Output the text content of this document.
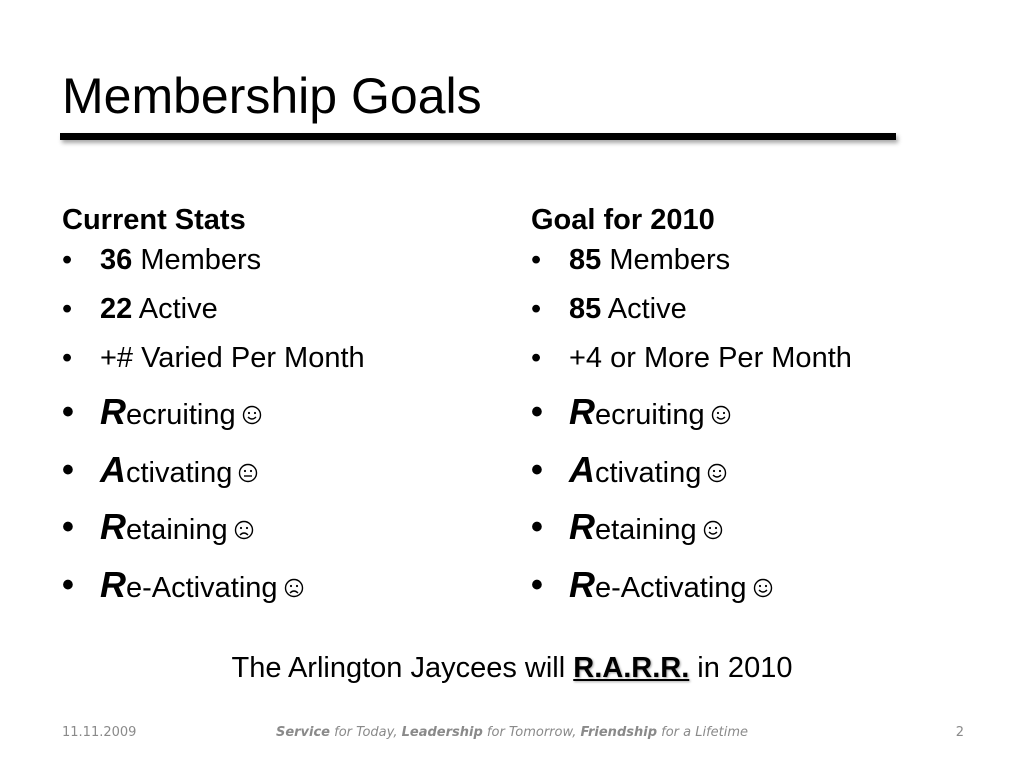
Membership Goals
Current Stats
• 36 Members
• 22 Active
• +# Varied Per Month
• Recruiting
• Activating
• Retaining
• Re-Activating
Goal for 2010
• 85 Members
• 85 Active
• +4 or More Per Month
• Recruiting
• Activating
• Retaining
• Re-Activating
The Arlington Jaycees will R.A.R.R. in 2010
11.11.2009	Service for Today, Leadership for Tomorrow, Friendship for a Lifetime	2
